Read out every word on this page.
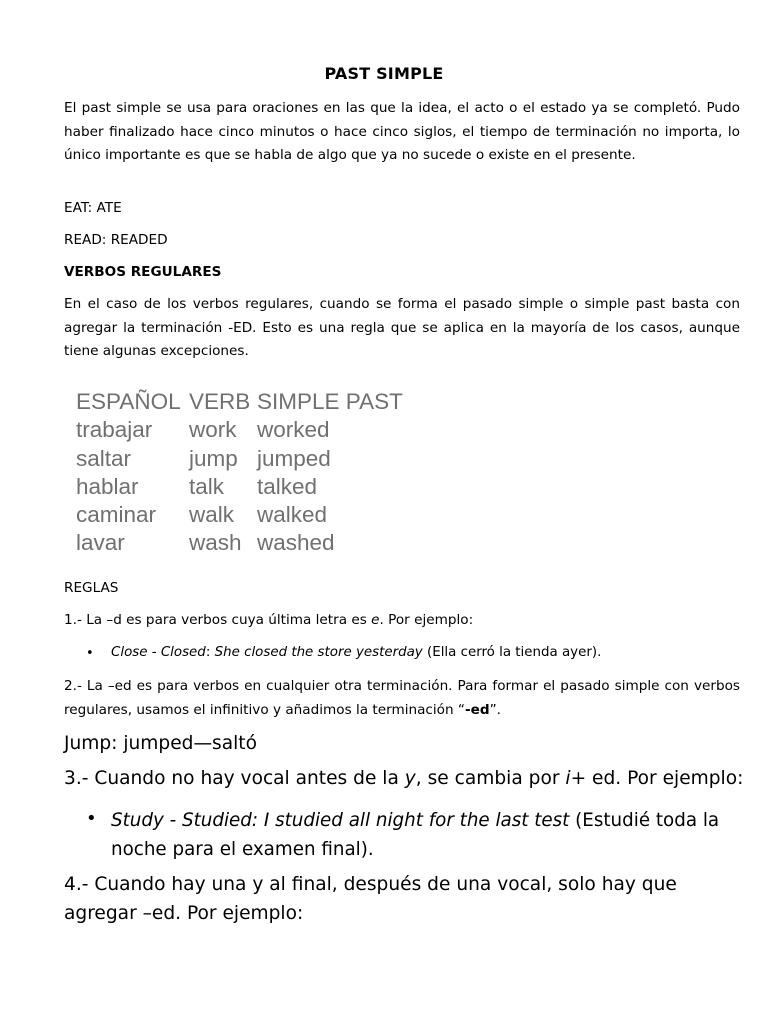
PAST SIMPLE
El past simple se usa para oraciones en las que la idea, el acto o el estado ya se completó. Pudo haber finalizado hace cinco minutos o hace cinco siglos, el tiempo de terminación no importa, lo único importante es que se habla de algo que ya no sucede o existe en el presente.
EAT: ATE
READ: READED
VERBOS REGULARES
En el caso de los verbos regulares, cuando se forma el pasado simple o simple past basta con agregar la terminación -ED. Esto es una regla que se aplica en la mayoría de los casos, aunque tiene algunas excepciones.
ESPAÑOL VERB SIMPLE PAST
trabajar work worked
saltar	jump jumped
hablar talk talked
caminar walk walked
lavar	wash washed
REGLAS
1.- La –d es para verbos cuya última letra es e. Por ejemplo:
• Close - Closed: She closed the store yesterday (Ella cerró la tienda ayer).
2.- La –ed es para verbos en cualquier otra terminación. Para formar el pasado simple con verbos regulares, usamos el infinitivo y añadimos la terminación “-ed”.
Jump: jumped—saltó
3.- Cuando no hay vocal antes de la y, se cambia por i+ ed. Por ejemplo:
• Study - Studied: I studied all night for the last test (Estudié toda la noche para el examen final).
4.- Cuando hay una y al final, después de una vocal, solo hay que
agregar –ed. Por ejemplo:
